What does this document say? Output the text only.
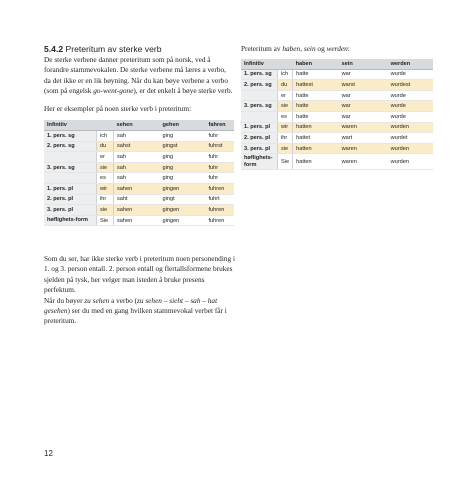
5.4.2 Preteritum av sterke verb

De sterke verbene danner preteritum som på norsk, ved å forandre stammevokalen. De sterke verbene må læres a verbo, da det ikke er en lik bøyning. Når du kan bøye verbene a verbo (som på engelsk go-went-gone), er det enkelt å bøye sterke verb.

Her er eksempler på noen sterke verb i preteritum:

Infinitiv		sehen	gehen	fahren
1. pers. sg	ich	sah	ging	fuhr
2. pers. sg	du	sahst	gingst	fuhrst
	er	sah	ging	fuhr
3. pers. sg	sie	sah	ging	fuhr
	es	sah	ging	fuhr
1. pers. pl	wir	sahen	gingen	fuhren
2. pers. pl	ihr	saht	gingt	fuhrt
3. pers. pl	sie	sahen	gingen	fuhren
høflighets-form	Sie	sahen	gingen	fuhren
Preteritum av haben, sein og werden:
Infinitiv		haben	sein	werden
1. pers. sg	ich	hatte	war	wurde
2. pers. sg	du	hattest	warst	wurdest
	er	hatte	war	wurde
3. pers. sg	sie	hatte	war	wurde
	es	hatte	war	wurde
1. pers. pl	wir	hatten	waren	wurden
2. pers. pl	ihr	hattet	wart	wurdet
3. pers. pl	sie	hatten	waren	wurden
høflighets-form	Sie	hatten	waren	wurden

Som du ser, har ikke sterke verb i preteritum noen personending i 1. og 3. person entall. 2. person entall og flertallsformene brukes sjelden på tysk, her velger man isteden å bruke presens perfektum.

Når du bøyer zu sehen a verbo (zu sehen – sieht – sah – hat gesehen) ser du med en gang hvilken stammevokal verbet får i preteritum.

12
